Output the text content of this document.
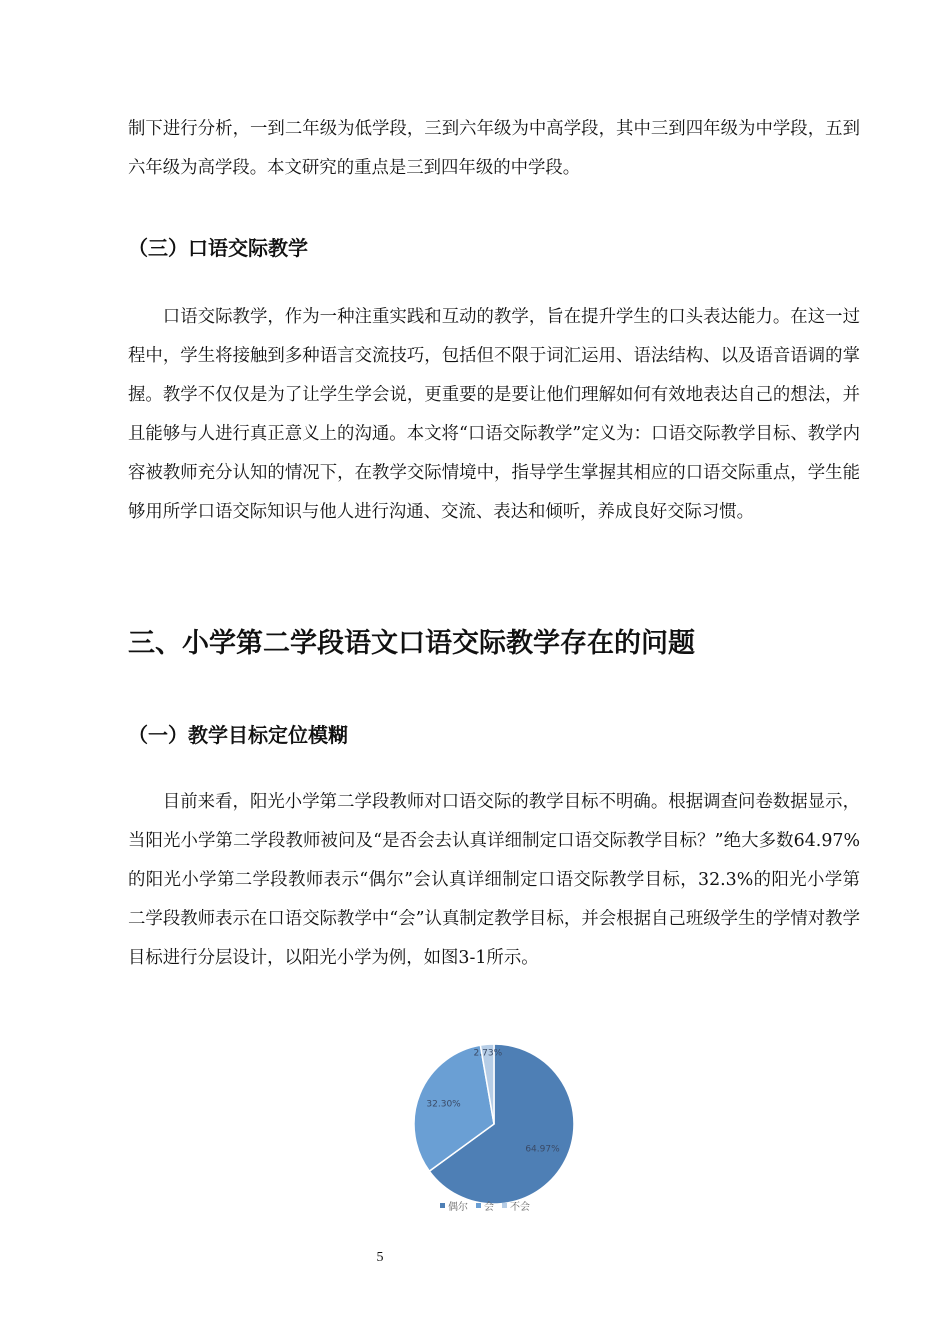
制下进行分析，一到二年级为低学段，三到六年级为中高学段，其中三到四年级为中学段，五到六年级为高学段。本文研究的重点是三到四年级的中学段。

（三）口语交际教学

口语交际教学，作为一种注重实践和互动的教学，旨在提升学生的口头表达能力。在这一过程中，学生将接触到多种语言交流技巧，包括但不限于词汇运用、语法结构、以及语音语调的掌握。教学不仅仅是为了让学生学会说，更重要的是要让他们理解如何有效地表达自己的想法，并且能够与人进行真正意义上的沟通。本文将“口语交际教学”定义为：口语交际教学目标、教学内容被教师充分认知的情况下，在教学交际情境中，指导学生掌握其相应的口语交际重点，学生能够用所学口语交际知识与他人进行沟通、交流、表达和倾听，养成良好交际习惯。

三、小学第二学段语文口语交际教学存在的问题
（一）教学目标定位模糊

目前来看，阳光小学第二学段教师对口语交际的教学目标不明确。根据调查问卷数据显示，当阳光小学第二学段教师被问及“是否会去认真详细制定口语交际教学目标？”绝大多数64.97%的阳光小学第二学段教师表示“偶尔”会认真详细制定口语交际教学目标，32.3%的阳光小学第二学段教师表示在口语交际教学中“会”认真制定教学目标，并会根据自己班级学生的学情对教学目标进行分层设计，以阳光小学为例，如图3-1所示。

64.97%
32.30%
2.73%
偶尔 会 不会
5
